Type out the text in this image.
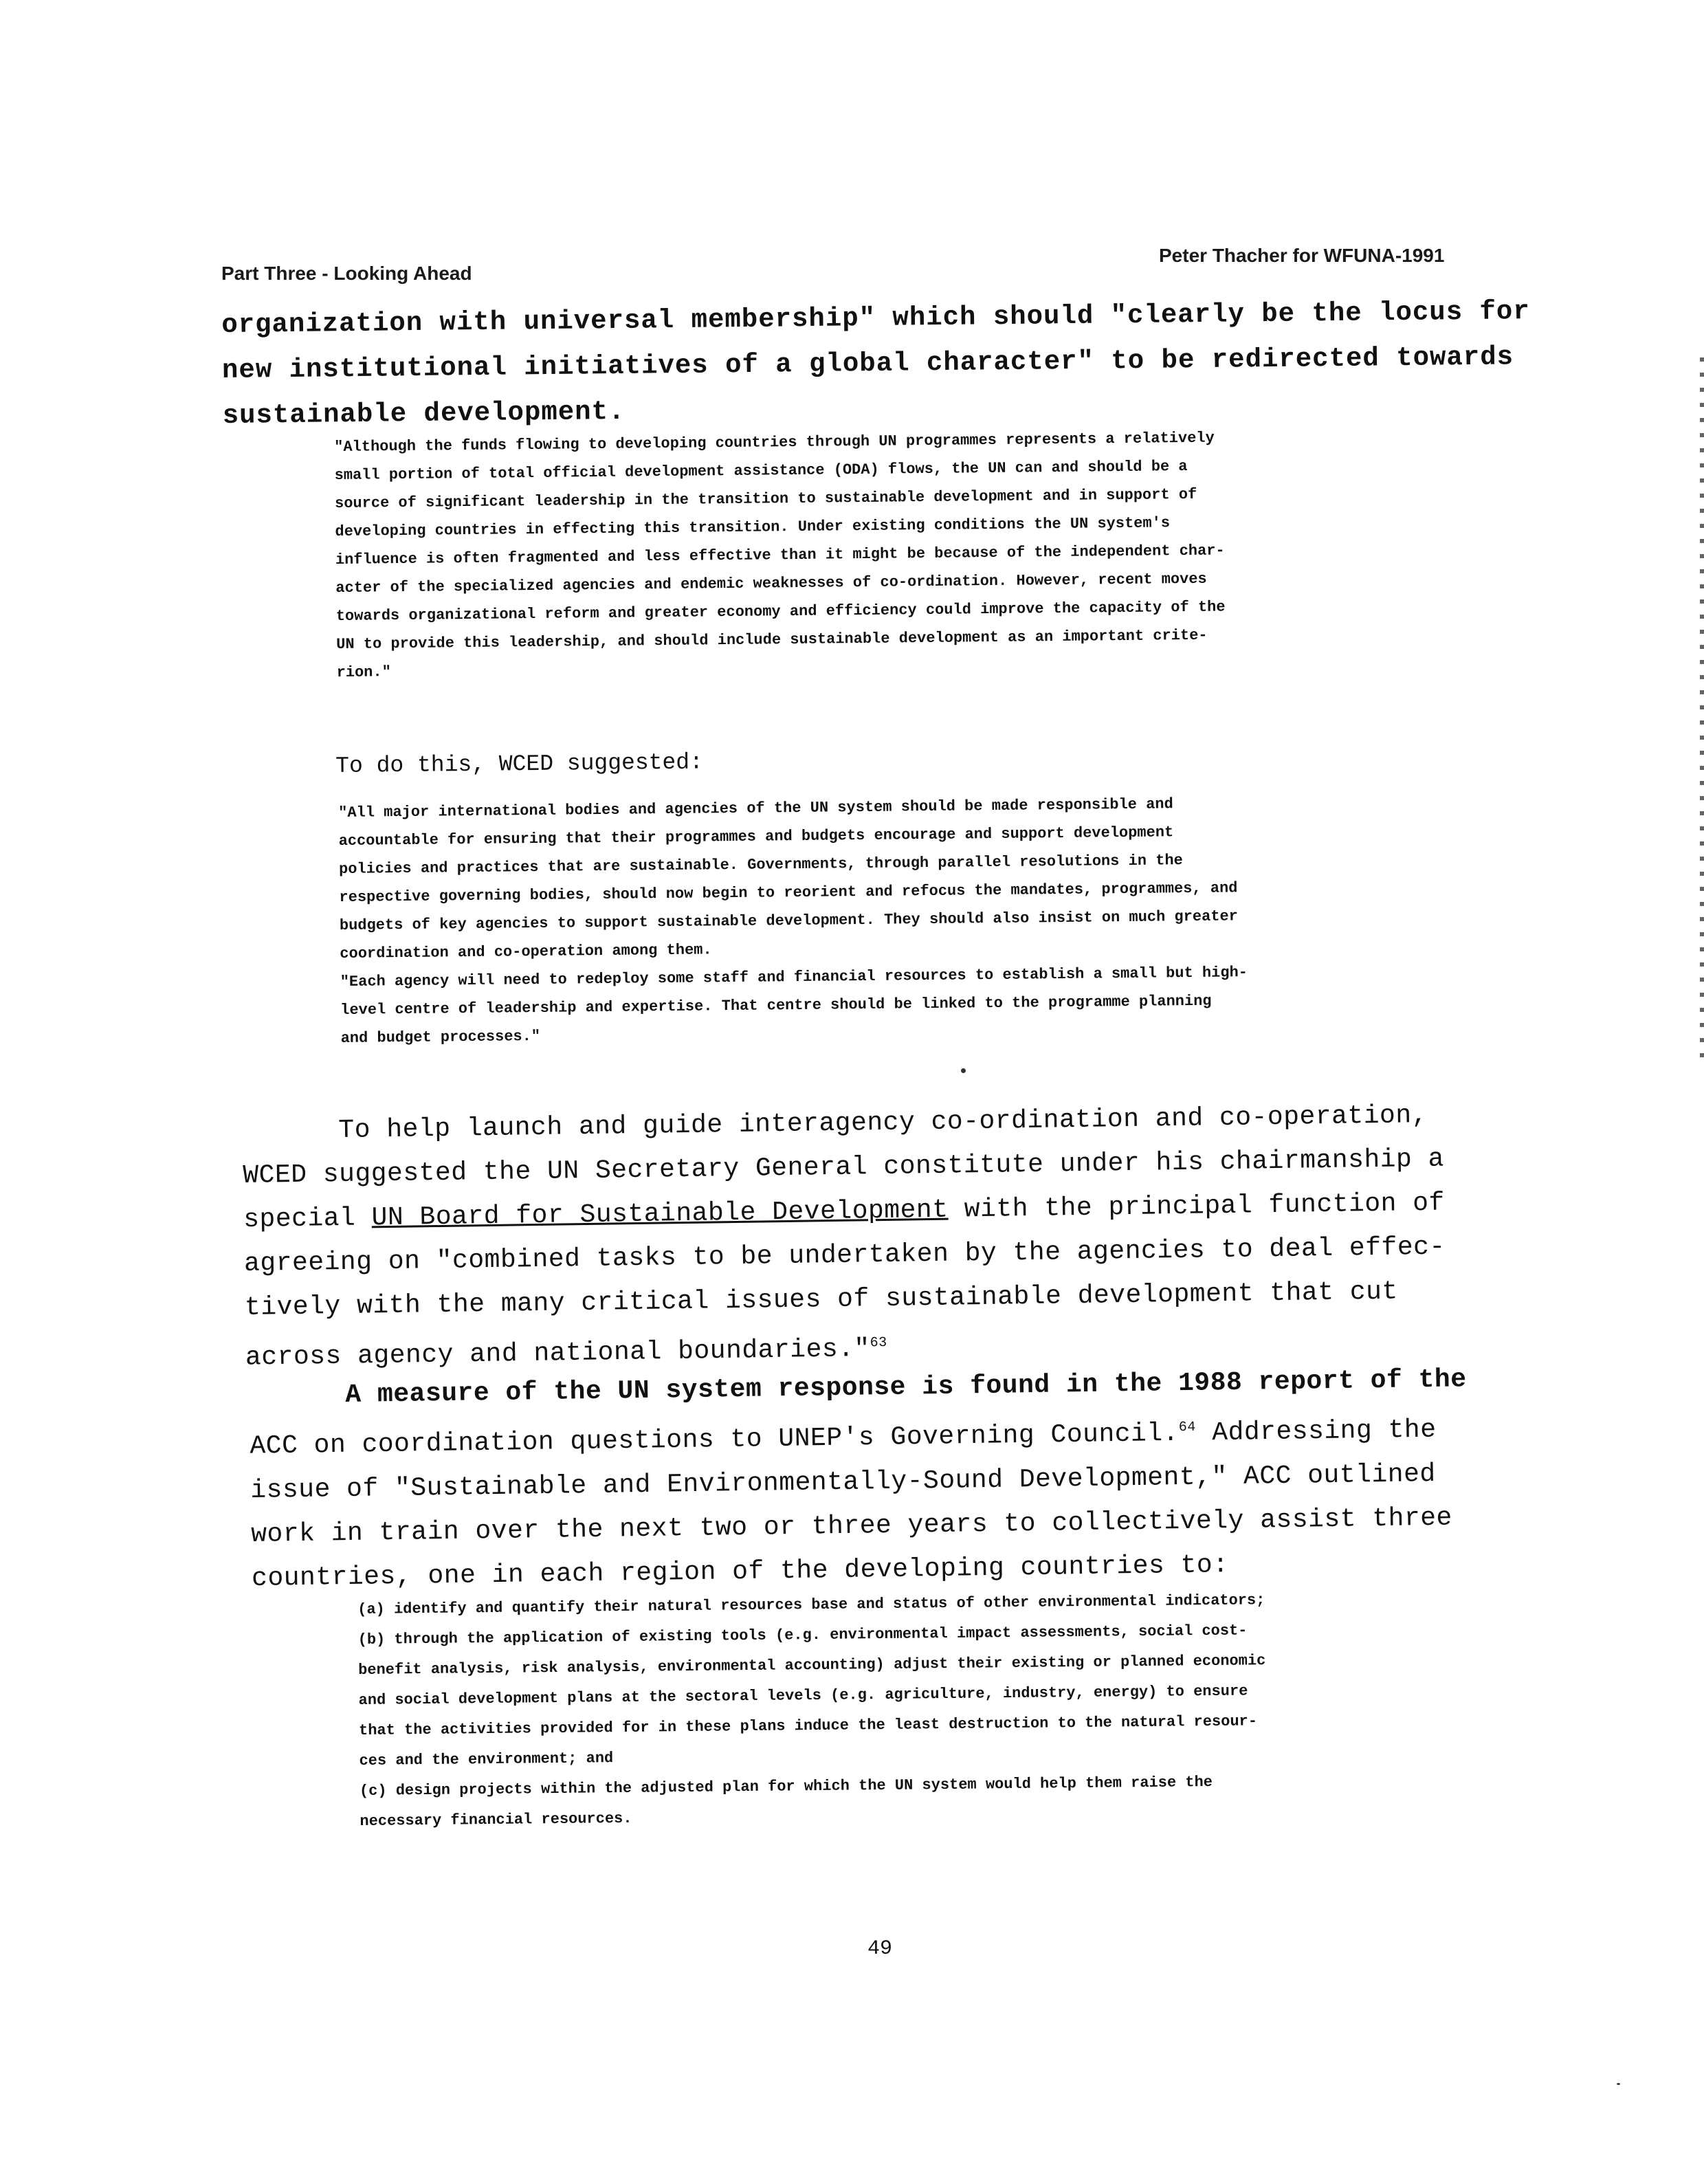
Part Three - Looking Ahead
Peter Thacher for WFUNA-1991

organization with universal membership" which should "clearly be the locus for

new institutional initiatives of a global character" to be redirected towards

sustainable development.

"Although the funds flowing to developing countries through UN programmes represents a relatively

small portion of total official development assistance (ODA) flows, the UN can and should be a

source of significant leadership in the transition to sustainable development and in support of

developing countries in effecting this transition. Under existing conditions the UN system's

influence is often fragmented and less effective than it might be because of the independent char-

acter of the specialized agencies and endemic weaknesses of co-ordination. However, recent moves

towards organizational reform and greater economy and efficiency could improve the capacity of the

UN to provide this leadership, and should include sustainable development as an important crite-

rion."

To do this, WCED suggested:

"All major international bodies and agencies of the UN system should be made responsible and

accountable for ensuring that their programmes and budgets encourage and support development

policies and practices that are sustainable. Governments, through parallel resolutions in the

respective governing bodies, should now begin to reorient and refocus the mandates, programmes, and

budgets of key agencies to support sustainable development. They should also insist on much greater

coordination and co-operation among them.

"Each agency will need to redeploy some staff and financial resources to establish a small but high-

level centre of leadership and expertise. That centre should be linked to the programme planning

and budget processes."

To help launch and guide interagency co-ordination and co-operation,

WCED suggested the UN Secretary General constitute under his chairmanship a

special UN Board for Sustainable Development with the principal function of

agreeing on "combined tasks to be undertaken by the agencies to deal effec-

tively with the many critical issues of sustainable development that cut

across agency and national boundaries."$^{63}$

A measure of the UN system response is found in the 1988 report of the

ACC on coordination questions to UNEP's Governing Council.$^{64}$ Addressing the

issue of "Sustainable and Environmentally-Sound Development," ACC outlined

work in train over the next two or three years to collectively assist three

countries, one in each region of the developing countries to:

(a) identify and quantify their natural resources base and status of other environmental indicators;

(b) through the application of existing tools (e.g. environmental impact assessments, social cost-

benefit analysis, risk analysis, environmental accounting) adjust their existing or planned economic

and social development plans at the sectoral levels (e.g. agriculture, industry, energy) to ensure

that the activities provided for in these plans induce the least destruction to the natural resour-

ces and the environment; and

(c) design projects within the adjusted plan for which the UN system would help them raise the

necessary financial resources.

49
